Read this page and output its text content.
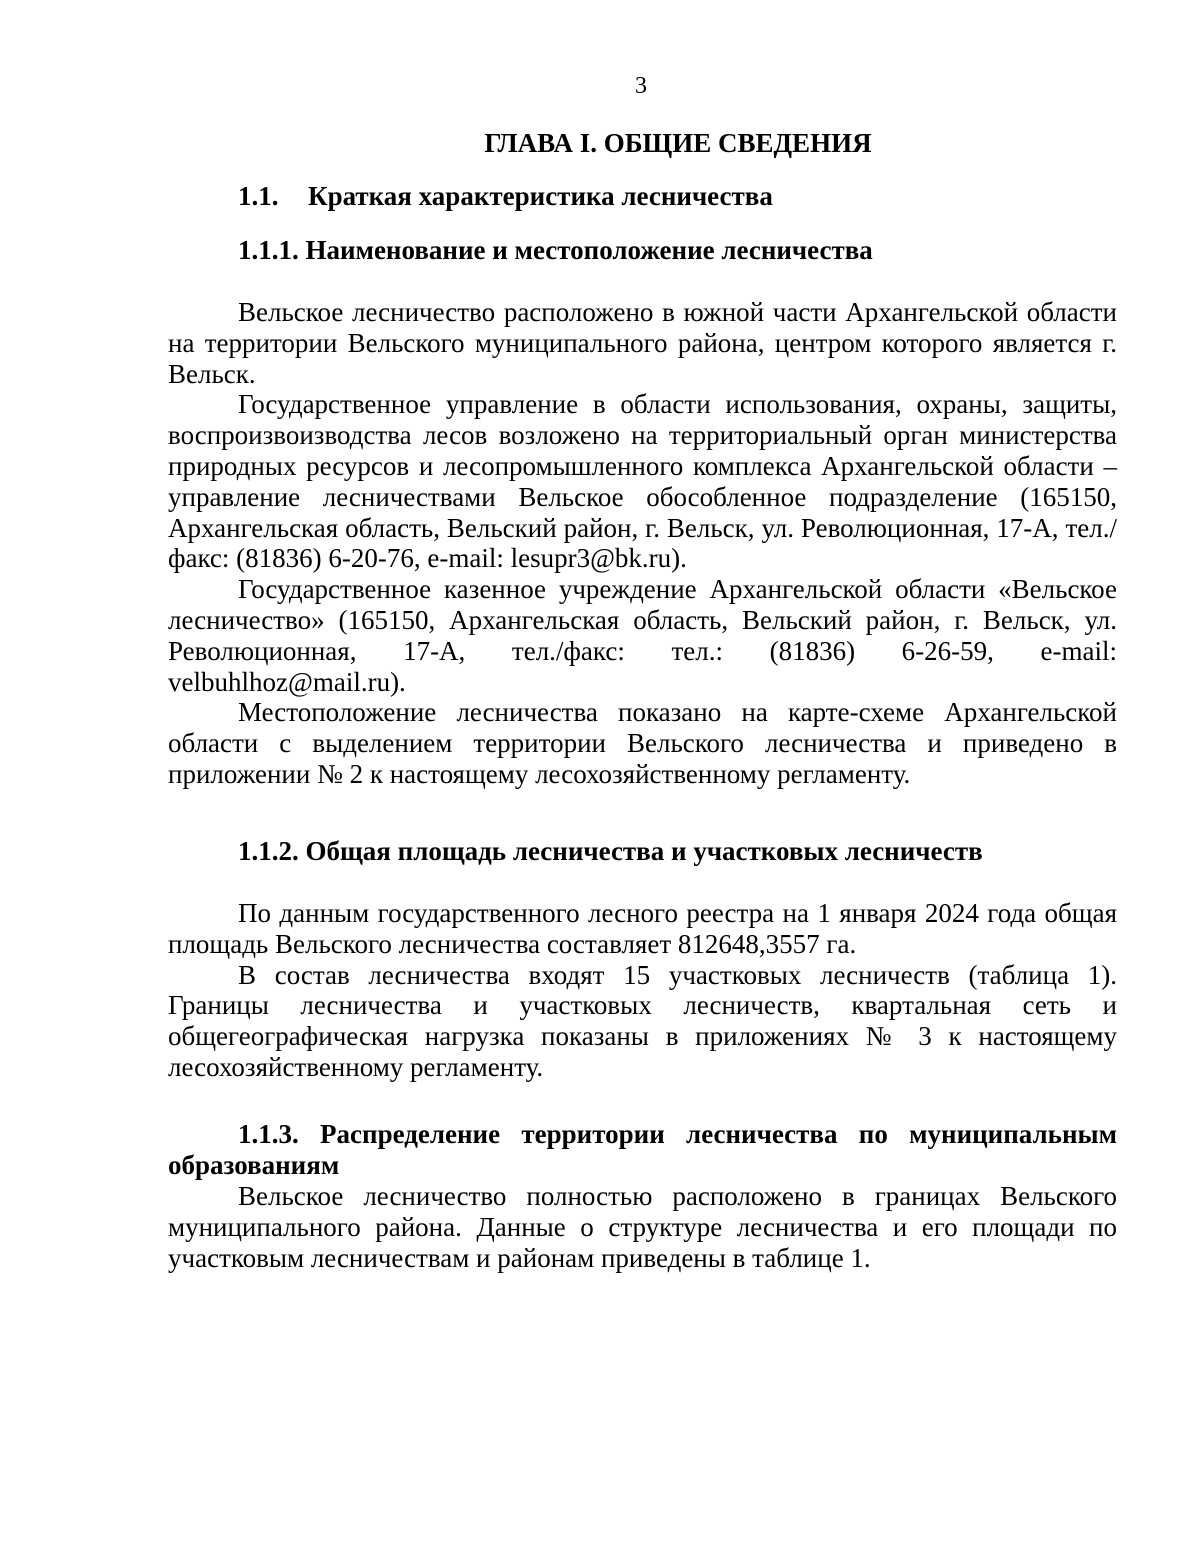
3
ГЛАВА I. ОБЩИЕ СВЕДЕНИЯ
1.1. Краткая характеристика лесничества
1.1.1. Наименование и местоположение лесничества

Вельское лесничество расположено в южной части Архангельской области на территории Вельского муниципального района, центром которого является г. Вельск.

Государственное управление в области использования, охраны, защиты, воспроизвоизводства лесов возложено на территориальный орган министерства природных ресурсов и лесопромышленного комплекса Архангельской области – управление лесничествами Вельское обособленное подразделение (165150, Архангельская область, Вельский район, г. Вельск, ул. Революционная, 17-А, тел./факс: (81836) 6-20-76, e-mail: lesupr3@bk.ru).

Государственное казенное учреждение Архангельской области «Вельское лесничество» (165150, Архангельская область, Вельский район, г. Вельск, ул. Революционная, 17-А, тел./факс: тел.: (81836) 6-26-59, e-mail: velbuhlhoz@mail.ru).

Местоположение лесничества показано на карте-схеме Архангельской области с выделением территории Вельского лесничества и приведено в приложении № 2 к настоящему лесохозяйственному регламенту.

1.1.2. Общая площадь лесничества и участковых лесничеств

По данным государственного лесного реестра на 1 января 2024 года общая площадь Вельского лесничества составляет 812648,3557 га.

В состав лесничества входят 15 участковых лесничеств (таблица 1). Границы лесничества и участковых лесничеств, квартальная сеть и общегеографическая нагрузка показаны в приложениях № 3 к настоящему лесохозяйственному регламенту.

1.1.3. Распределение территории лесничества по муниципальным образованиям

Вельское лесничество полностью расположено в границах Вельского муниципального района. Данные о структуре лесничества и его площади по участковым лесничествам и районам приведены в таблице 1.
